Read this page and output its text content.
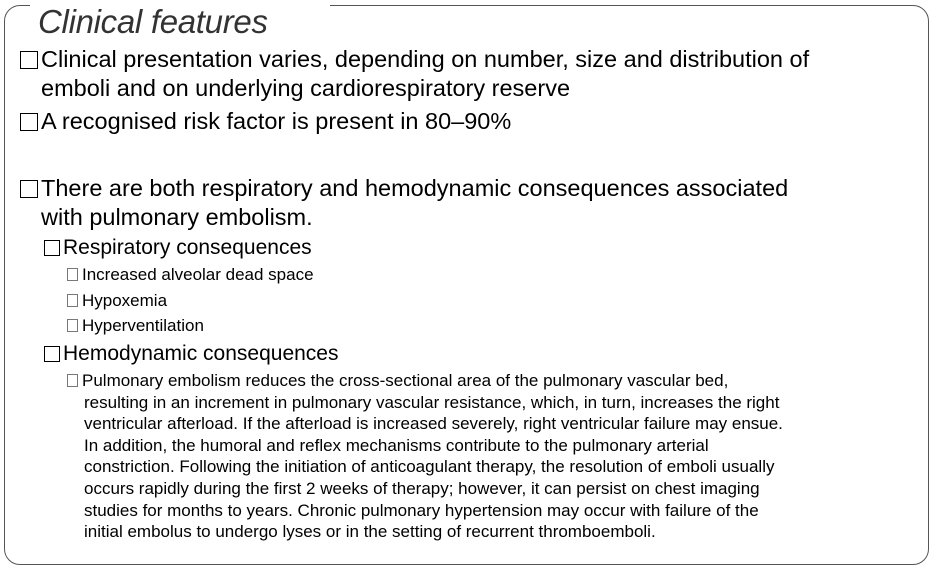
Clinical features
Clinical presentation varies, depending on number, size and distribution of
emboli and on underlying cardiorespiratory reserve
A recognised risk factor is present in 80–90%
There are both respiratory and hemodynamic consequences associated
with pulmonary embolism.
Respiratory consequences
Increased alveolar dead space
Hypoxemia
Hyperventilation
Hemodynamic consequences
Pulmonary embolism reduces the cross-sectional area of the pulmonary vascular bed,
resulting in an increment in pulmonary vascular resistance, which, in turn, increases the right
ventricular afterload. If the afterload is increased severely, right ventricular failure may ensue.
In addition, the humoral and reflex mechanisms contribute to the pulmonary arterial
constriction. Following the initiation of anticoagulant therapy, the resolution of emboli usually
occurs rapidly during the first 2 weeks of therapy; however, it can persist on chest imaging
studies for months to years. Chronic pulmonary hypertension may occur with failure of the
initial embolus to undergo lyses or in the setting of recurrent thromboemboli.
